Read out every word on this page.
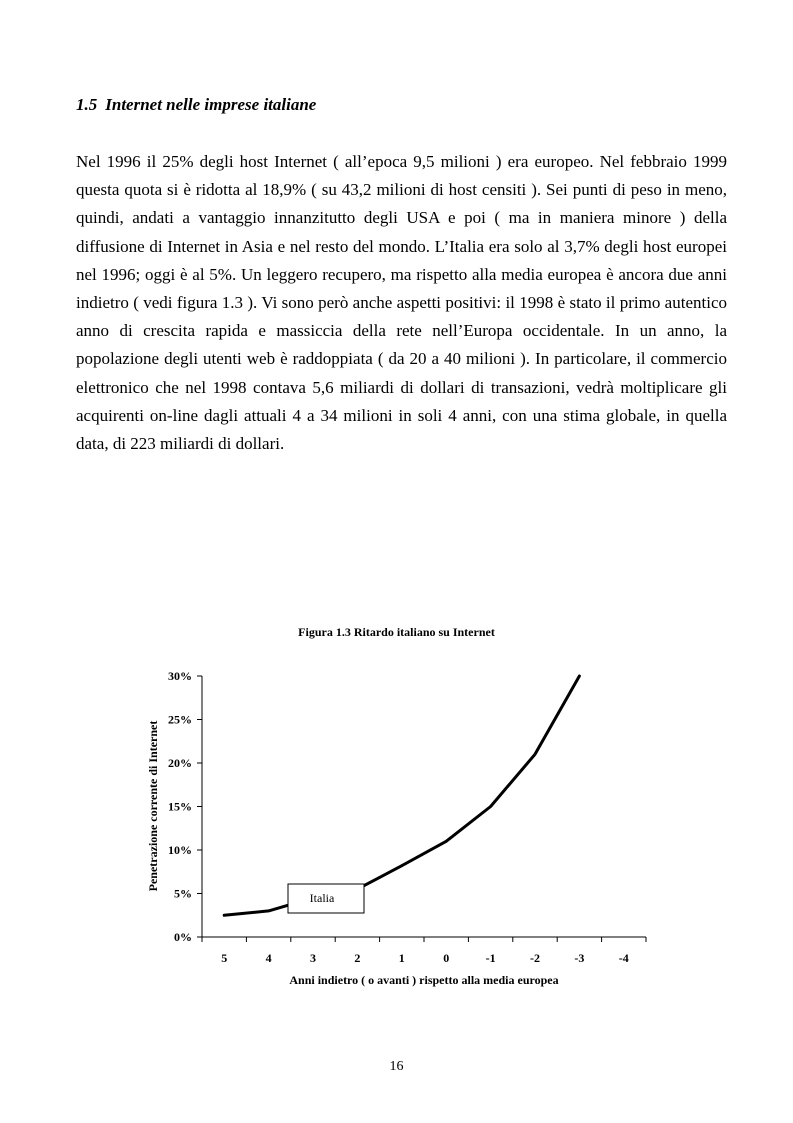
1.5 Internet nelle imprese italiane

Nel 1996 il 25% degli host Internet ( all’epoca 9,5 milioni ) era europeo. Nel febbraio 1999 questa quota si è ridotta al 18,9% ( su 43,2 milioni di host censiti ). Sei punti di peso in meno, quindi, andati a vantaggio innanzitutto degli USA e poi ( ma in maniera minore ) della diffusione di Internet in Asia e nel resto del mondo. L’Italia era solo al 3,7% degli host europei nel 1996; oggi è al 5%. Un leggero recupero, ma rispetto alla media europea è ancora due anni indietro ( vedi figura 1.3 ). Vi sono però anche aspetti positivi: il 1998 è stato il primo autentico anno di crescita rapida e massiccia della rete nell’Europa occidentale. In un anno, la popolazione degli utenti web è raddoppiata ( da 20 a 40 milioni ). In particolare, il commercio elettronico che nel 1998 contava 5,6 miliardi di dollari di transazioni, vedrà moltiplicare gli acquirenti on-line dagli attuali 4 a 34 milioni in soli 4 anni, con una stima globale, in quella data, di 223 miliardi di dollari.

Figura 1.3 Ritardo italiano su Internet

0%
5%
10%
15%
20%
25%
30%
5	4	3	2	1	0	-1	-2	-3	-4
Anni indietro ( o avanti ) rispetto alla media europea
Penetrazione corrente di Internet
Italia

16
